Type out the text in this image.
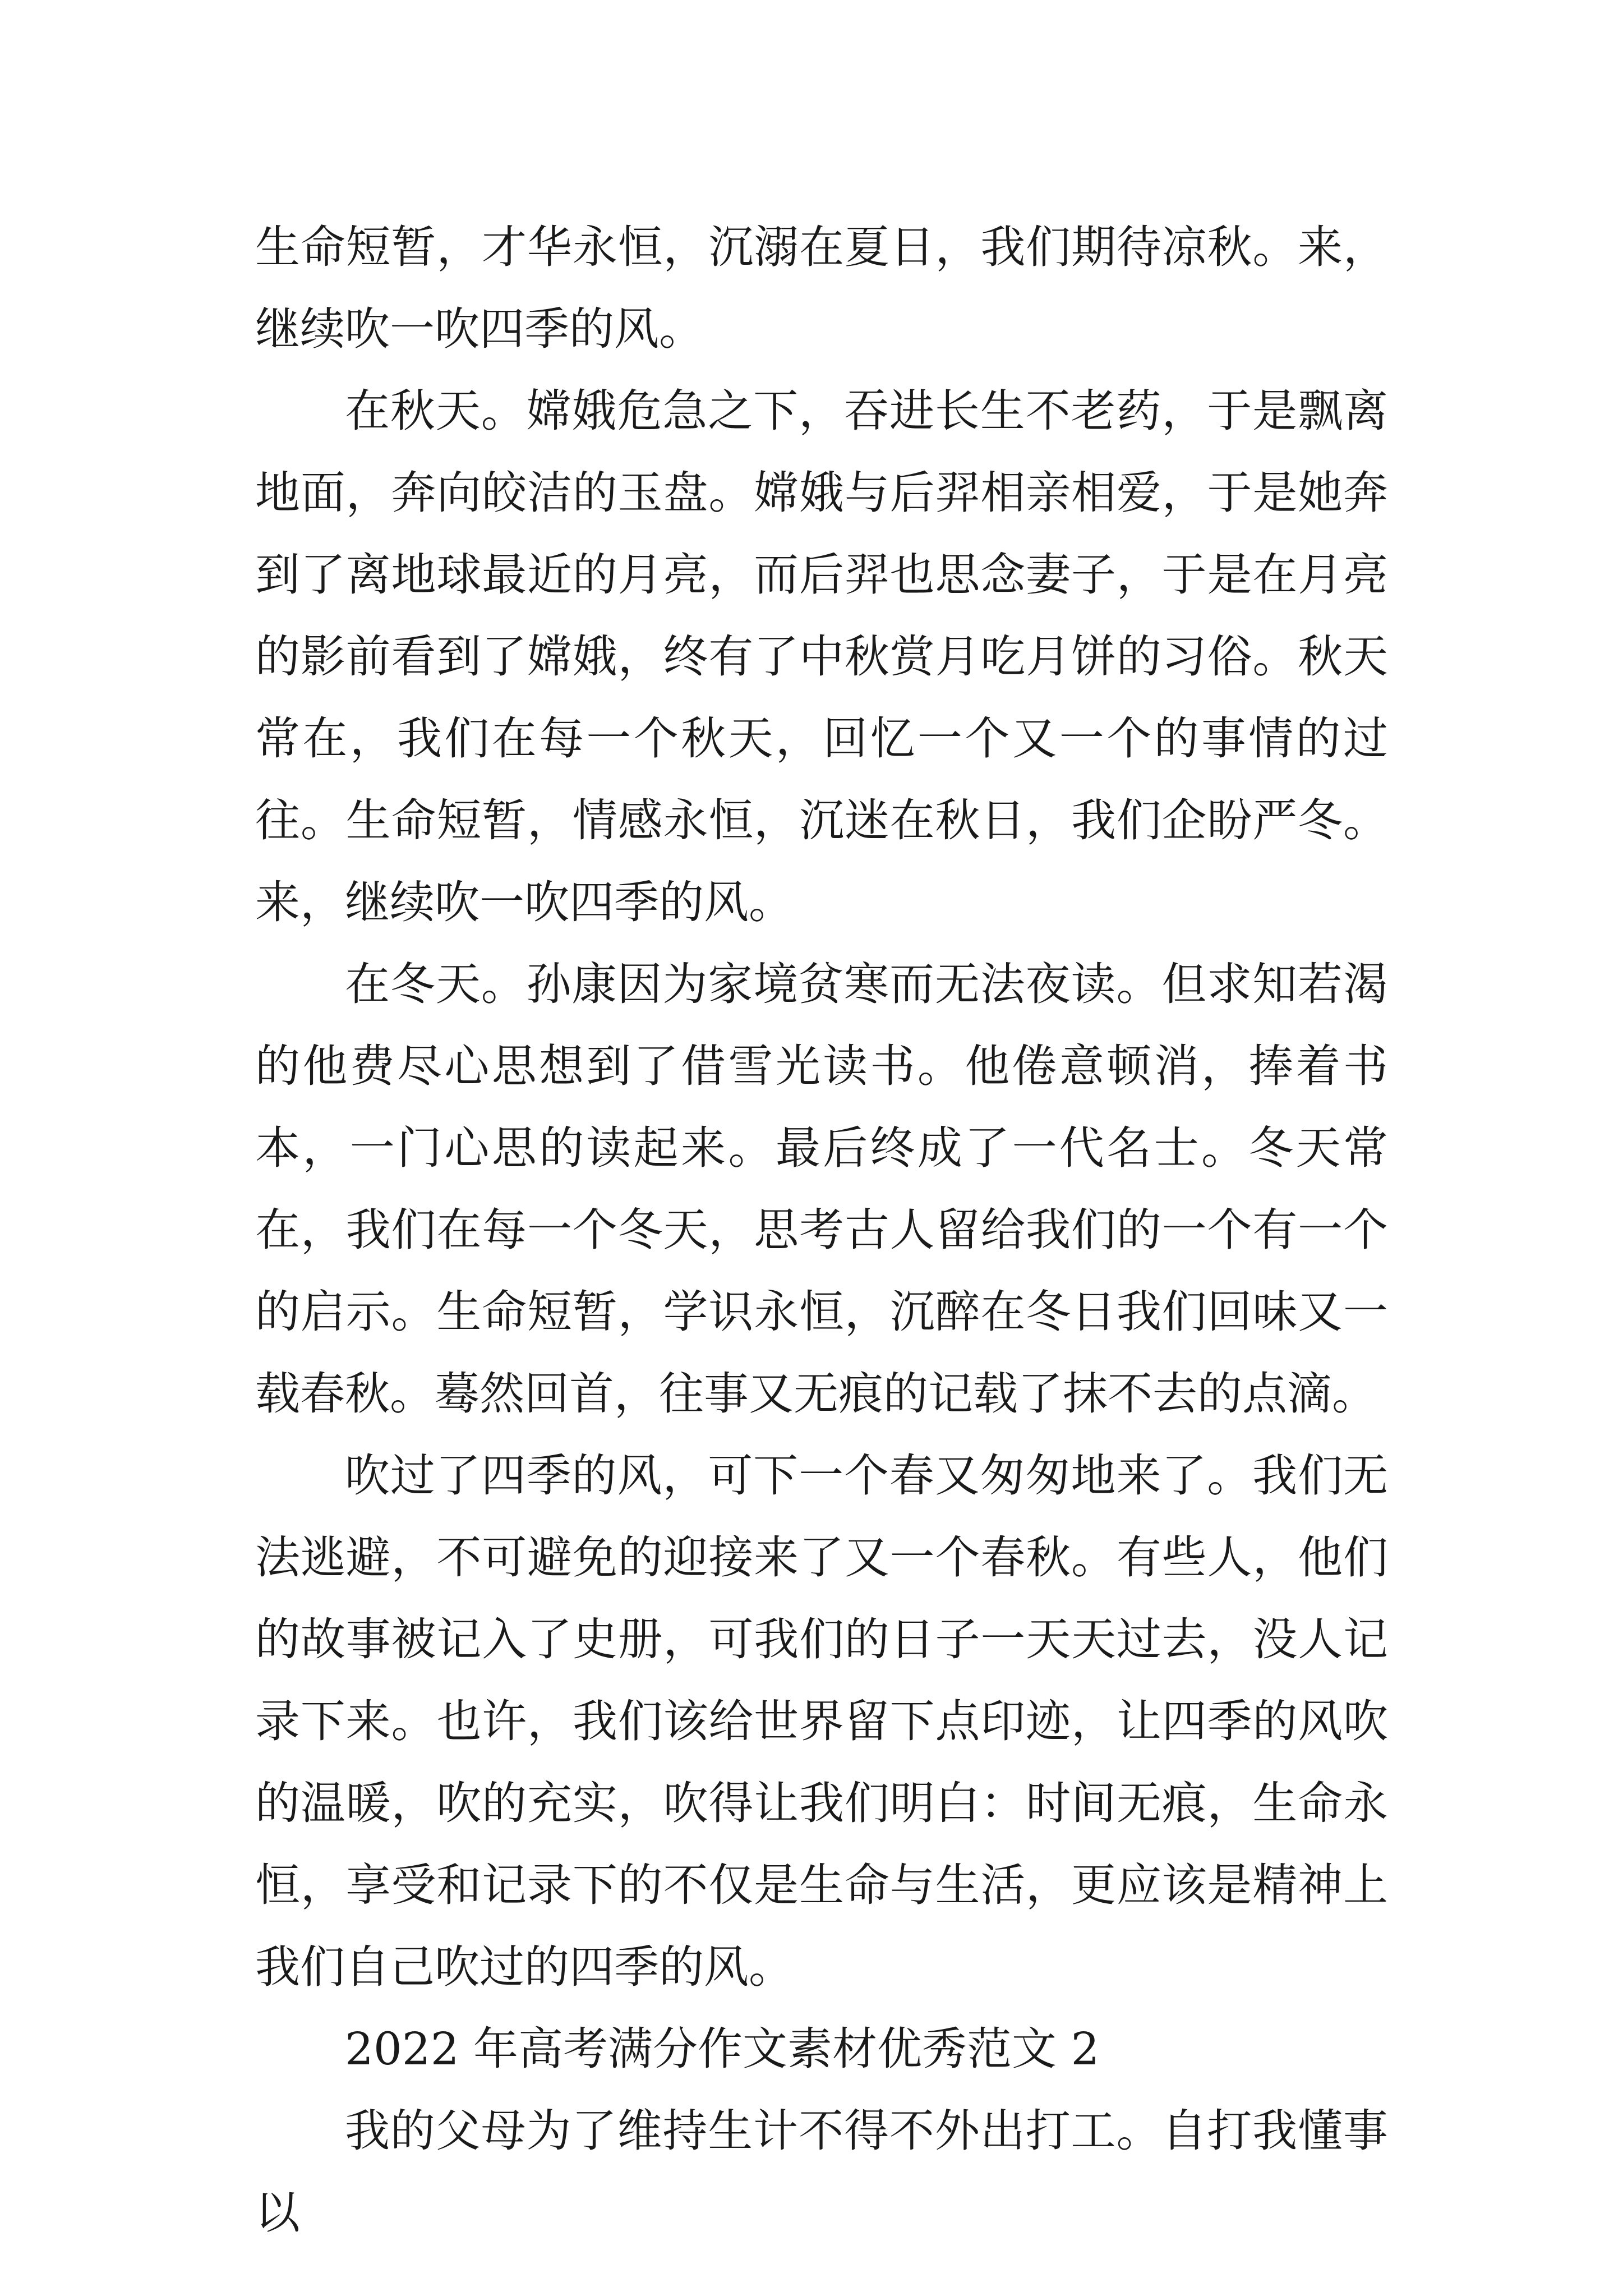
生命短暂，才华永恒，沉溺在夏日，我们期待凉秋。来，继续吹一吹四季的风。

在秋天。嫦娥危急之下，吞进长生不老药，于是飘离地面，奔向皎洁的玉盘。嫦娥与后羿相亲相爱，于是她奔到了离地球最近的月亮，而后羿也思念妻子，于是在月亮的影前看到了嫦娥，终有了中秋赏月吃月饼的习俗。秋天常在，我们在每一个秋天，回忆一个又一个的事情的过往。生命短暂，情感永恒，沉迷在秋日，我们企盼严冬。来，继续吹一吹四季的风。

在冬天。孙康因为家境贫寒而无法夜读。但求知若渴的他费尽心思想到了借雪光读书。他倦意顿消，捧着书本，一门心思的读起来。最后终成了一代名士。冬天常在，我们在每一个冬天，思考古人留给我们的一个有一个的启示。生命短暂，学识永恒，沉醉在冬日我们回味又一载春秋。蓦然回首，往事又无痕的记载了抹不去的点滴。

吹过了四季的风，可下一个春又匆匆地来了。我们无法逃避，不可避免的迎接来了又一个春秋。有些人，他们的故事被记入了史册，可我们的日子一天天过去，没人记录下来。也许，我们该给世界留下点印迹，让四季的风吹的温暖，吹的充实，吹得让我们明白：时间无痕，生命永恒，享受和记录下的不仅是生命与生活，更应该是精神上我们自己吹过的四季的风。

2022 年高考满分作文素材优秀范文 2

我的父母为了维持生计不得不外出打工。自打我懂事以
